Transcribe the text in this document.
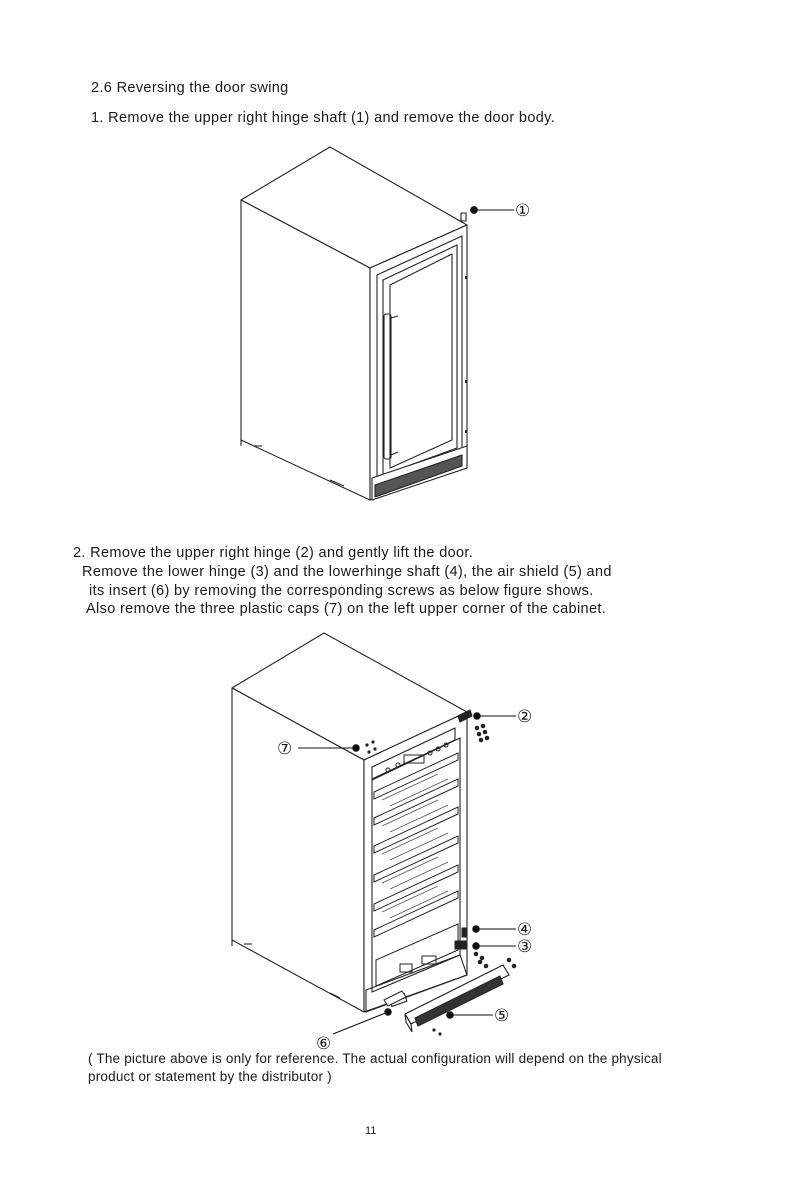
2.6 Reversing the door swing
1. Remove the upper right hinge shaft (1) and remove the door body.
2. Remove the upper right hinge (2) and gently lift the door.
Remove the lower hinge (3) and the lowerhinge shaft (4), the air shield (5) and
its insert (6) by removing the corresponding screws as below figure shows.
Also remove the three plastic caps (7) on the left upper corner of the cabinet.
( The picture above is only for reference. The actual configuration will depend on the physical
product or statement by the distributor )
11
①
②
⑦
④
③
⑤
⑥
